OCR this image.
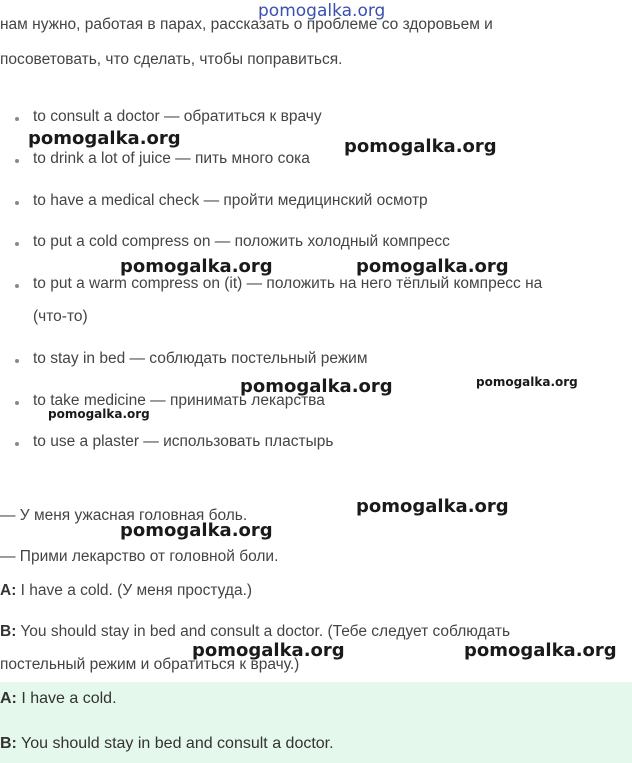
нам нужно, работая в парах, рассказать о проблеме со здоровьем и
посоветовать, что сделать, чтобы поправиться.
to consult a doctor — обратиться к врачу
to drink a lot of juice — пить много сока
to have a medical check — пройти медицинский осмотр
to put a cold compress on — положить холодный компресс
to put a warm compress on (it) — положить на него тёплый компресс на
(что-то)
to stay in bed — соблюдать постельный режим
to take medicine — принимать лекарства
to use a plaster — использовать пластырь
— У меня ужасная головная боль.
— Прими лекарство от головной боли.
A: I have a cold. (У меня простуда.)
B: You should stay in bed and consult a doctor. (Тебе следует соблюдать
постельный режим и обратиться к врачу.)
A: I have a cold.
B: You should stay in bed and consult a doctor.
pomogalka.org
pomogalka.org	pomogalka.org
pomogalka.org	pomogalka.org
pomogalka.org	pomogalka.org
pomogalka.org
pomogalka.org
pomogalka.org
pomogalka.org	pomogalka.org
